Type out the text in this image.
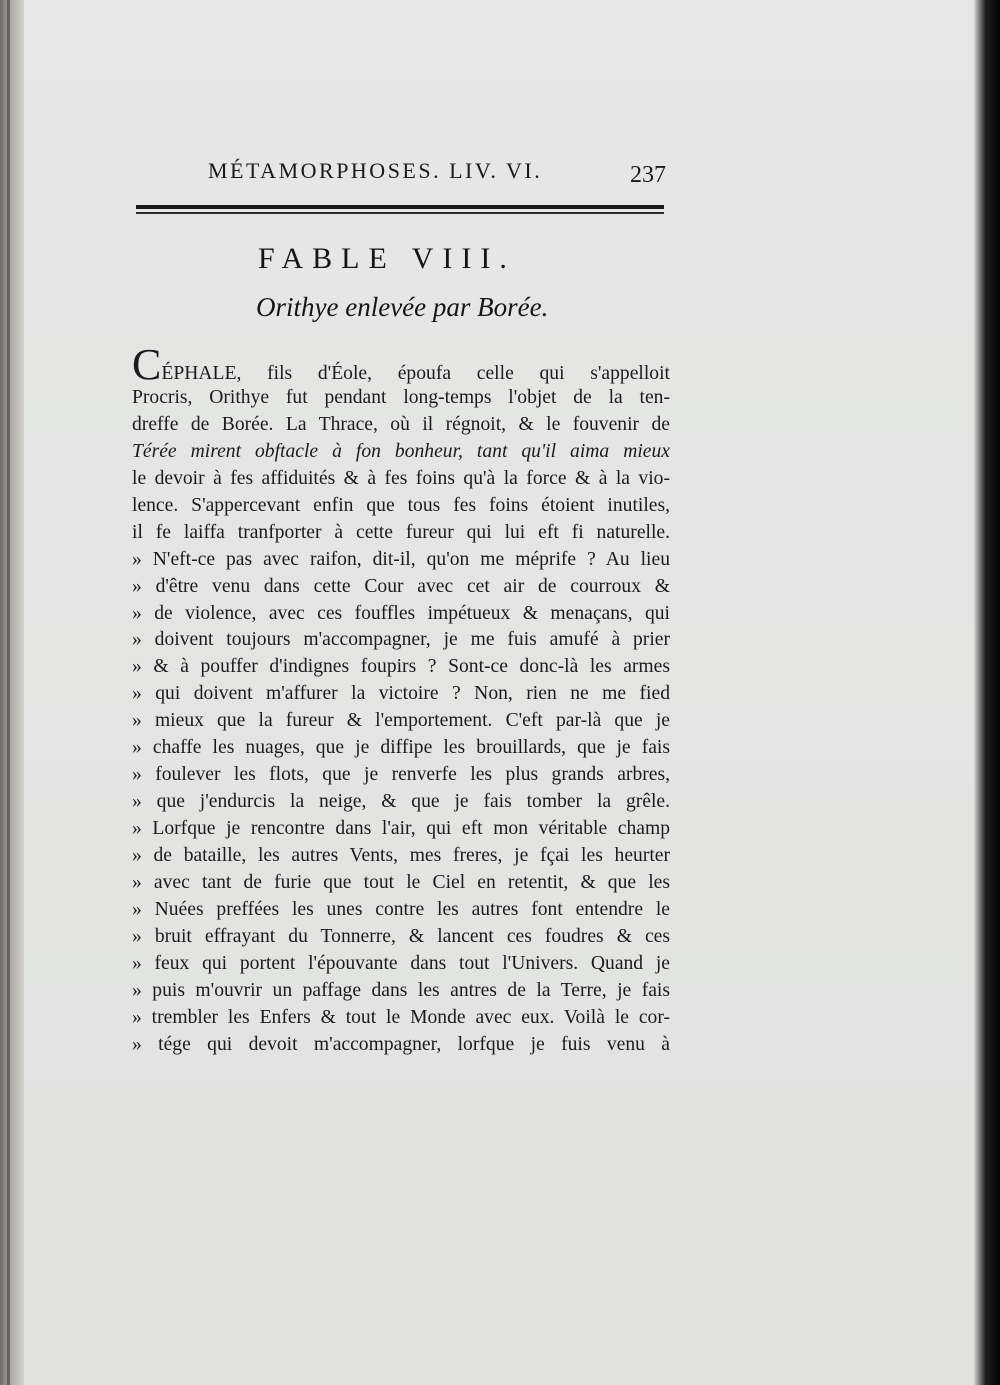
MÉTAMORPHOSES. LIV. VI.	237
FABLE VIII.
Orithye enlevée par Borée.
CÉPHALE, fils d'Éole, époufa celle qui s'appelloit
Procris, Orithye fut pendant long-temps l'objet de la ten-
dreffe de Borée. La Thrace, où il régnoit, & le fouvenir de
Térée mirent obftacle à fon bonheur, tant qu'il aima mieux
le devoir à fes affiduités & à fes foins qu'à la force & à la vio-
lence. S'appercevant enfin que tous fes foins étoient inutiles,
il fe laiffa tranfporter à cette fureur qui lui eft fi naturelle.
» N'eft-ce pas avec raifon, dit-il, qu'on me méprife ? Au lieu
» d'être venu dans cette Cour avec cet air de courroux &
» de violence, avec ces fouffles impétueux & menaçans, qui
» doivent toujours m'accompagner, je me fuis amufé à prier
» & à pouffer d'indignes foupirs ? Sont-ce donc-là les armes
» qui doivent m'affurer la victoire ? Non, rien ne me fied
» mieux que la fureur & l'emportement. C'eft par-là que je
» chaffe les nuages, que je diffipe les brouillards, que je fais
» foulever les flots, que je renverfe les plus grands arbres,
» que j'endurcis la neige, & que je fais tomber la grêle.
» Lorfque je rencontre dans l'air, qui eft mon véritable champ
» de bataille, les autres Vents, mes freres, je fçai les heurter
» avec tant de furie que tout le Ciel en retentit, & que les
» Nuées preffées les unes contre les autres font entendre le
» bruit effrayant du Tonnerre, & lancent ces foudres & ces
» feux qui portent l'épouvante dans tout l'Univers. Quand je
» puis m'ouvrir un paffage dans les antres de la Terre, je fais
» trembler les Enfers & tout le Monde avec eux. Voilà le cor-
» tége qui devoit m'accompagner, lorfque je fuis venu à
